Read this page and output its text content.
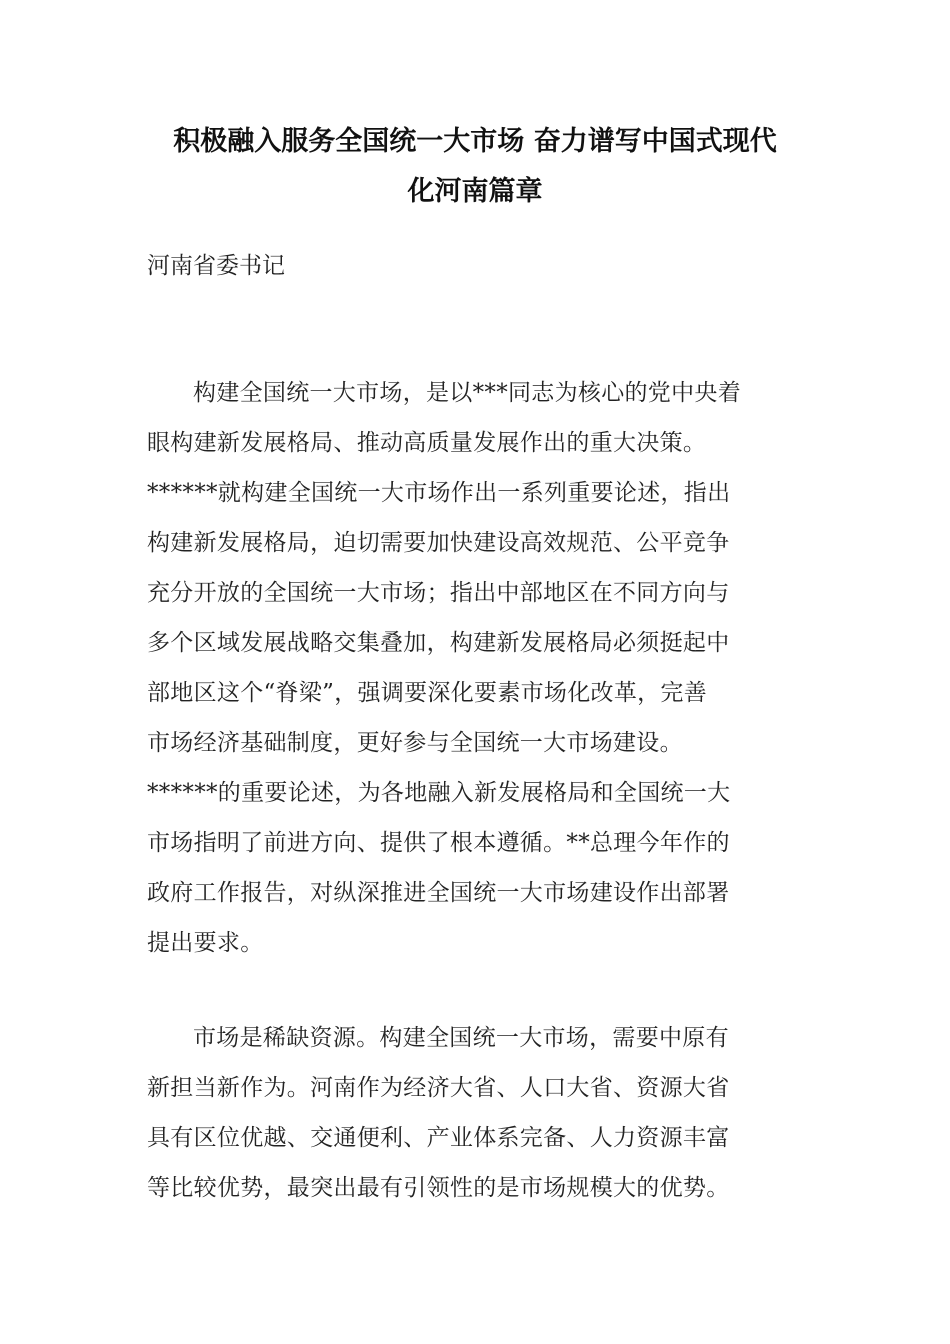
积极融入服务全国统一大市场 奋力谱写中国式现代
化河南篇章

河南省委书记

构建全国统一大市场，是以***同志为核心的党中央着
眼构建新发展格局、推动高质量发展作出的重大决策。
******就构建全国统一大市场作出一系列重要论述，指出
构建新发展格局，迫切需要加快建设高效规范、公平竞争
充分开放的全国统一大市场；指出中部地区在不同方向与
多个区域发展战略交集叠加，构建新发展格局必须挺起中
部地区这个“脊梁”，强调要深化要素市场化改革，完善
市场经济基础制度，更好参与全国统一大市场建设。
******的重要论述，为各地融入新发展格局和全国统一大
市场指明了前进方向、提供了根本遵循。**总理今年作的
政府工作报告，对纵深推进全国统一大市场建设作出部署
提出要求。
市场是稀缺资源。构建全国统一大市场，需要中原有
新担当新作为。河南作为经济大省、人口大省、资源大省
具有区位优越、交通便利、产业体系完备、人力资源丰富
等比较优势，最突出最有引领性的是市场规模大的优势。
